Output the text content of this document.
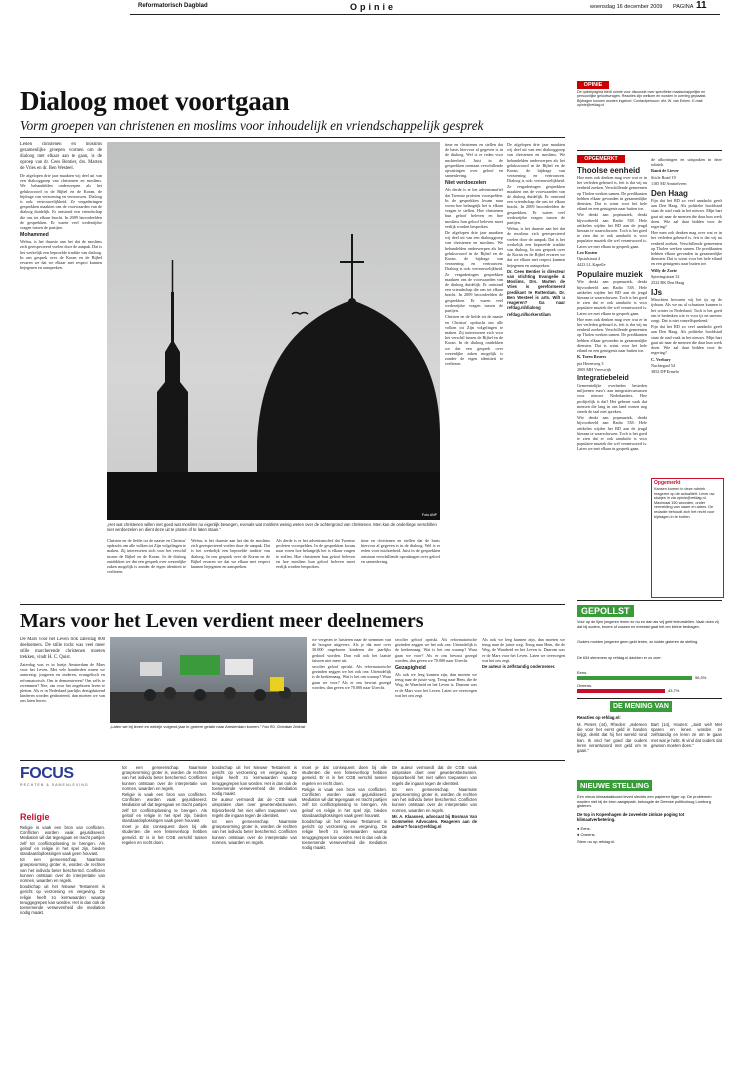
Reformatorisch Dagblad	Opinie	woensdag 16 december 2009 PAGINA 11
Dialoog moet voortgaan
Vorm groepen van christenen en moslims voor inhoudelijk en vriendschappelijk gesprek

Leden christenen en moslims gezamenlijke groepen vormen om de dialoog met elkaar aan te gaan, is de oproep van dr. Cees Bentier, drs. Marten de Vries en dr. Ben Westeel.

De afgelopen drie jaar maakten wij deel uit van een dialooggroep van christenen en moslims. We behandelden onderwerpen als het gelukswoord in de Bijbel en de Koran, de bijdrage van verzoening en vertrouwen. Dialoog is ook: vertrouwelijkheid. Ze vergaderingen gesprekken maakten ons de voorwaarden van de dialoog duidelijk. Er ontstond een vriendschap die ons tot elkaar bracht. In 2009 beoordeelden de gesprekken. Er waren veel wederzijdse vragen tussen de partijen.

Mohammed

Welnu, is het duurste aan het dat de moslims zich gerespecteerd voelen door de aanpak. Dat is het werkelijk een beproefde traditie van dialoog. In ons gesprek over de Koran en de Bijbel ervaren we dat we elkaar met respect kunnen bejegenen en aanspreken.

Foto ANP
„Het wat christenen willen niet goed wat moslims nu eigenlijk bewegen, evenals wat moslims weinig weten over de achtergrond van christenen. Men kan de onderlinge verschillen niet verdoezelen en dient deze uit te praten of te laten staan.”

Christen en de liefde tot de naaste en Christus' opdracht om alle volken tot Zijn volgelingen te maken. Zij interesseren zich voor het verschil tussen de Bijbel en de Koran. In de dialoog ontdekken we dat een gesprek over wezenlijke zaken mogelijk is zonder de eigen identiteit te verliezen.

Welnu, is het duurste aan het dat de moslims zich gerespecteerd voelen door de aanpak. Dat is het werkelijk een beproefde traditie van dialoog. In ons gesprek over de Koran en de Bijbel ervaren we dat we elkaar met respect kunnen bejegenen en aanspreken.

Als derde is er het adventsmofief dat Twentse profeten voorspelden. In de gesprekken kwam naar voren hoe belangrijk het is elkaar vragen te stellen. Hoe christenen hun geloof beleven en hoe moslims hun geloof beleven moet eerlijk worden besproken.

time en christenen en stellen dat de basis hiervoor al gegeven is in de dialoog. Wel is er reden voor nuchterheid. Juist in de gesprekken ontstaan verschillende opvattingen over geloof en samenleving.

time en christenen en stellen dat de basis hiervoor al gegeven is in de dialoog. Wel is er reden voor nuchterheid. Juist in de gesprekken ontstaan verschillende opvattingen over geloof en samenleving.

Niet verdoezelen

Als derde is er het adventsmofief dat Twentse profeten voorspelden. In de gesprekken kwam naar voren hoe belangrijk het is elkaar vragen te stellen. Hoe christenen hun geloof beleven en hoe moslims hun geloof beleven moet eerlijk worden besproken.

De afgelopen drie jaar maakten wij deel uit van een dialooggroep van christenen en moslims. We behandelden onderwerpen als het gelukswoord in de Bijbel en de Koran, de bijdrage van verzoening en vertrouwen. Dialoog is ook: vertrouwelijkheid. Ze vergaderingen gesprekken maakten ons de voorwaarden van de dialoog duidelijk. Er ontstond een vriendschap die ons tot elkaar bracht. In 2009 beoordeelden de gesprekken. Er waren veel wederzijdse vragen tussen de partijen.

Christen en de liefde tot de naaste en Christus' opdracht om alle volken tot Zijn volgelingen te maken. Zij interesseren zich voor het verschil tussen de Bijbel en de Koran. In de dialoog ontdekken we dat een gesprek over wezenlijke zaken mogelijk is zonder de eigen identiteit te verliezen.

De afgelopen drie jaar maakten wij deel uit van een dialooggroep van christenen en moslims. We behandelden onderwerpen als het gelukswoord in de Bijbel en de Koran, de bijdrage van verzoening en vertrouwen. Dialoog is ook: vertrouwelijkheid. Ze vergaderingen gesprekken maakten ons de voorwaarden van de dialoog duidelijk. Er ontstond een vriendschap die ons tot elkaar bracht. In 2009 beoordeelden de gesprekken. Er waren veel wederzijdse vragen tussen de partijen.

Welnu, is het duurste aan het dat de moslims zich gerespecteerd voelen door de aanpak. Dat is het werkelijk een beproefde traditie van dialoog. In ons gesprek over de Koran en de Bijbel ervaren we dat we elkaar met respect kunnen bejegenen en aanspreken.

Dr. Cees Bentier is directeur van stichting Evangelie & Moslims. Drs. Marten de Vries is gereformeerd predikant te Rotterdam. Dr. Ben Westeel is arts. Wilt u reageren? Ga naar refdag.nl/dialoog

refdag.nl/korkerstilam

OPINIE
De opiniepagina biedt ruimte voor discussie over specifieke maatschappelijke en persoonlijke geloofsvragen. Reacties zijn welkom en worden in overleg geplaatst. Bijdragen kunnen worden ingekort. Contactpersoon: dhr. W. van Eeken. E-mail: opinie@refdag.nl
OPGEMERKT
Thoolse eenheid

Hoe men ook denken mag over wat er in het verleden gebeurd is, feit is dat wij nu eenheid zoeken. Verschillende gemeenten op Tholen werken samen. De predikanten hebben elkaar gevonden in gezamenlijke diensten. Dat is winst voor het hele eiland en een getuigenis naar buiten toe.

Wie denkt aan popmuziek, denkt bijvoorbeeld aan Radio 538. Hele artikelen wijden het RD aan de jeugd hieraan te waarschuwen. Toch is het goed te zien dat er ook aandacht is voor populaire muziek die wel verantwoord is. Laten we met elkaar in gesprek gaan.

Leo Kosten

Opstalstraat 4

4423 LL Kapelle

Populaire muziek

Wie denkt aan popmuziek, denkt bijvoorbeeld aan Radio 538. Hele artikelen wijden het RD aan de jeugd hieraan te waarschuwen. Toch is het goed te zien dat er ook aandacht is voor populaire muziek die wel verantwoord is. Laten we met elkaar in gesprek gaan.

Hoe men ook denken mag over wat er in het verleden gebeurd is, feit is dat wij nu eenheid zoeken. Verschillende gemeenten op Tholen werken samen. De predikanten hebben elkaar gevonden in gezamenlijke diensten. Dat is winst voor het hele eiland en een getuigenis naar buiten toe.

K. Toren Bruers

pia Herenweg 3

2005 MH Vreeswijk

Integratiebeleid

Gemeentelijke overheden besteden miljoenen euro's aan integratiecursussen voor nieuwe Nederlanders. Hoe profijtelijk is dat? Het gebeurt vaak dat mensen die lang in ons land wonen nog steeds de taal niet spreken.

Wie denkt aan popmuziek, denkt bijvoorbeeld aan Radio 538. Hele artikelen wijden het RD aan de jeugd hieraan te waarschuwen. Toch is het goed te zien dat er ook aandacht is voor populaire muziek die wel verantwoord is. Laten we met elkaar in gesprek gaan.

de afkortingen en uitspraken in deze rubriek.

Ranti de Liever

Sticle Road 19

1185 MJ Amstelveen

Den Haag

Fijn dat het RD zo veel aandacht geeft aan Den Haag. Als politieke hoofdstad staat de stad vaak in het nieuws. Mijn hart gaat uit naar de mensen die daar hun werk doen. Wie zal daar bidden voor de regering?

Hoe men ook denken mag over wat er in het verleden gebeurd is, feit is dat wij nu eenheid zoeken. Verschillende gemeenten op Tholen werken samen. De predikanten hebben elkaar gevonden in gezamenlijke diensten. Dat is winst voor het hele eiland en een getuigenis naar buiten toe.

Willy de Zoete

Spieringstraat 32

2522 BK Den Haag

IJs

Misschien bewaren wij het ijs op de ijsbaan. Als we nu al schaatsen kunnen is het winter in Nederland. Toch is het goed om te bedenken wie er voor ijs en sneeuw zorgt. Dat is niet vanzelfsprekend.

Fijn dat het RD zo veel aandacht geeft aan Den Haag. Als politieke hoofdstad staat de stad vaak in het nieuws. Mijn hart gaat uit naar de mensen die daar hun werk doen. Wie zal daar bidden voor de regering?

C. Verbary

Nachtegaal 54

3852 DP Ermelo

Opgemerkt
Kansen komen in deze rubriek reageren op de actualiteit. Lever uw stukjes in via opinie@refdag.nl. Maximaal 150 woorden, onder vermelding van naam en adres. De redactie behoudt zich het recht voor bijdragen in te korten.
Mars voor het Leven verdient meer deelnemers

De Mars voor het Leven trok zaterdag 800 deelnemers. De stille tocht was veel meer stille marcherende christenen moeten trekken, vindt H. C. Quist.

Zaterdag was er in hartje Amsterdam de Mars voor het Leven. Met vele honderden waren we aanwezig: jongeren en ouderen, evangelisch en reformatorisch. Om te demonstreren? Om zelfs te zwemmen? Nee, om voor het ongeboren leven te pleiten. Als er in Nederland jaarlijks dertigduizend kinderen worden geaborteerd, dan moeten we van ons laten horen.

„Laten we bij leven en wetzijn volgend jaar in grotere getale naar Amsterdam komen.” Foto RD, Christiaan Zeldrust

we vergeten te luisteren naar de stemmen van de hoogste uitgevers. Als je dat mee over 30.000 ongeboren kinderen die jaarlijks gedood worden. Dan valt ook het laatste fatsoen niet meer uit.

secolier geloof opriskt. Als reformatorische gezinden zeggen we het ook ons: Uiteindelijk is de kerkennaag. Wat is het om waarop? Waar gaan we voor? Als er ons bewust gezegd worden, dan geven we 70.000 naar Utrecht.

secolier geloof opriskt. Als reformatorische gezinden zeggen we het ook ons: Uiteindelijk is de kerkennaag. Wat is het om waarop? Waar gaan we voor? Als er ons bewust gezegd worden, dan geven we 70.000 naar Utrecht.

Gezapigheid

Als ook we leeg kunnen zijn, dan moeten we terug naar de juiste weg. Terug naar Hem, die de Weg, de Waarheid en het Leven is. Daarom was er de Mars voor het Leven. Laten we overwegen wat het ons zegt.

Als ook we leeg kunnen zijn, dan moeten we terug naar de juiste weg. Terug naar Hem, die de Weg, de Waarheid en het Leven is. Daarom was er de Mars voor het Leven. Laten we overwegen wat het ons zegt.

De auteur is zelfstandig ondernemer.

FOCUS
RECHTEN & SAMENLEVING
Religie

Religie is vaak een bron van conflicten. Conflicten worden vaak gejuridiseerd. Mediation wil dat tegengaan en tracht partijen zelf tot conflictoplossing te brengen. Als geloof en religie in het spel zijn, bieden standaardoplossingen vaak geen houvast.

tot een gemeenschap. Naarmate groepsvorming groter is, worden de rechten van het individu beter beschermd. Conflicten kunnen ontstaan over de interpretatie van normen, waarden en regels.

boodschap uit het Nieuwe Testament is gericht op verzoening en vergeving. De religie heeft zo kernwaarden waarop teruggegrepen kan worden. Het is dan ook de toenemende verwevenheid die mediation nodig maakt.

tot een gemeenschap. Naarmate groepsvorming groter is, worden de rechten van het individu beter beschermd. Conflicten kunnen ontstaan over de interpretatie van normen, waarden en regels.

Religie is vaak een bron van conflicten. Conflicten worden vaak gejuridiseerd. Mediation wil dat tegengaan en tracht partijen zelf tot conflictoplossing te brengen. Als geloof en religie in het spel zijn, bieden standaardoplossingen vaak geen houvast.

moet je dat consequent doen bij alle studenten die een feitenverloop hebben gemeld. Er is in het CGB verschil tussen regelen en recht doen.

boodschap uit het Nieuwe Testament is gericht op verzoening en vergeving. De religie heeft zo kernwaarden waarop teruggegrepen kan worden. Het is dan ook de toenemende verwevenheid die mediation nodig maakt.

De auteur vermoedt dat de CGB vaak uitspraken doet over gewetensbezwaren. Bijvoorbeeld het niet willen toepassen van regels die ingaan tegen de identiteit.

tot een gemeenschap. Naarmate groepsvorming groter is, worden de rechten van het individu beter beschermd. Conflicten kunnen ontstaan over de interpretatie van normen, waarden en regels.

moet je dat consequent doen bij alle studenten die een feitenverloop hebben gemeld. Er is in het CGB verschil tussen regelen en recht doen.

Religie is vaak een bron van conflicten. Conflicten worden vaak gejuridiseerd. Mediation wil dat tegengaan en tracht partijen zelf tot conflictoplossing te brengen. Als geloof en religie in het spel zijn, bieden standaardoplossingen vaak geen houvast.

boodschap uit het Nieuwe Testament is gericht op verzoening en vergeving. De religie heeft zo kernwaarden waarop teruggegrepen kan worden. Het is dan ook de toenemende verwevenheid die mediation nodig maakt.

De auteur vermoedt dat de CGB vaak uitspraken doet over gewetensbezwaren. Bijvoorbeeld het niet willen toepassen van regels die ingaan tegen de identiteit.

tot een gemeenschap. Naarmate groepsvorming groter is, worden de rechten van het individu beter beschermd. Conflicten kunnen ontstaan over de interpretatie van normen, waarden en regels.

Mr. A. Klaassen, advocaat bij Bosman Van Dommelen Advocaten. Reageren aan de auteur? focus@refdag.nl

GEPOLLST
Voor op de lijen jongeren lenen zo nu en dan als vrij geld teleurstellen. Vaak doen zij dat bij ouders, broers of zussen en meestal gaat het om kleine bedragen.
Ouders moeten jongeren geen geld lenen, zo luidde gisteren de stelling.
De 634 stemmers op refdag.nl dachten er zo over:
Eens.
56,3%
Oneens.
43,7%
DE MENING VAN
Reacties op refdag.nl:

M. Peters (44), Rheden: „Iedereen die voor het eerst geld in handen krijgt, denkt dat hij het wereld rond kan. Ik vind het goed dat ouders leren verantwoord met geld om te gaan.”

Bart (14), Houten: „Juist wel! Met sparen en lenen worden ze zelfstandig en leren ze om te gaan met wat je hebt. Ik vind dat ouders dat gewoon moeten doen.”

NIEUWE STELLING
Een nieuw klimaatakkoord levert slechts een papieren tijger op. De problemen worden niet bij de bron aangepakt, betoogde de Deense politicoloog Lomborg gisteren.
De top in Kopenhagen de zoveelste zinloze poging tot klimaatverbetering.
● Eens.
● Oneens.
Stem nu op refdag.nl.
